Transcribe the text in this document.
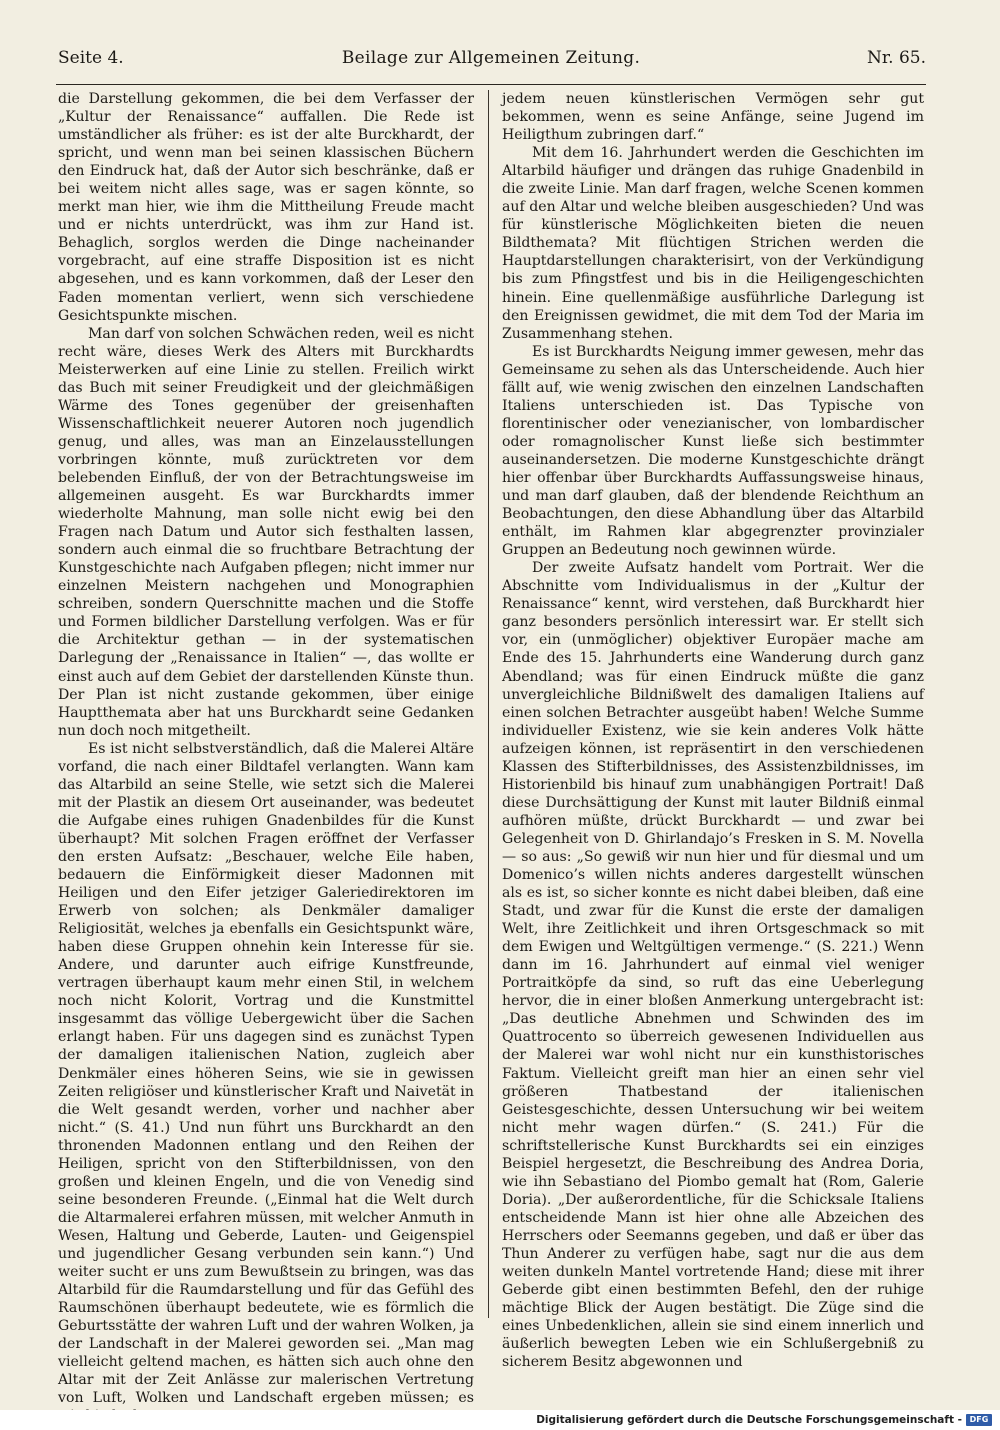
Seite 4.	Beilage zur Allgemeinen Zeitung.	Nr. 65.

die Darstellung gekommen, die bei dem Verfasser der „Kultur der Renaissance“ auffallen. Die Rede ist umständlicher als früher: es ist der alte Burckhardt, der spricht, und wenn man bei seinen klassischen Büchern den Eindruck hat, daß der Autor sich beschränke, daß er bei weitem nicht alles sage, was er sagen könnte, so merkt man hier, wie ihm die Mittheilung Freude macht und er nichts unterdrückt, was ihm zur Hand ist. Behaglich, sorglos werden die Dinge nacheinander vorgebracht, auf eine straffe Disposition ist es nicht abgesehen, und es kann vorkommen, daß der Leser den Faden momentan verliert, wenn sich verschiedene Gesichtspunkte mischen.

Man darf von solchen Schwächen reden, weil es nicht recht wäre, dieses Werk des Alters mit Burckhardts Meisterwerken auf eine Linie zu stellen. Freilich wirkt das Buch mit seiner Freudigkeit und der gleichmäßigen Wärme des Tones gegenüber der greisenhaften Wissenschaftlichkeit neuerer Autoren noch jugendlich genug, und alles, was man an Einzelausstellungen vorbringen könnte, muß zurücktreten vor dem belebenden Einfluß, der von der Betrachtungsweise im allgemeinen ausgeht. Es war Burckhardts immer wiederholte Mahnung, man solle nicht ewig bei den Fragen nach Datum und Autor sich festhalten lassen, sondern auch einmal die so fruchtbare Betrachtung der Kunstgeschichte nach Aufgaben pflegen; nicht immer nur einzelnen Meistern nachgehen und Monographien schreiben, sondern Querschnitte machen und die Stoffe und Formen bildlicher Darstellung verfolgen. Was er für die Architektur gethan — in der systematischen Darlegung der „Renaissance in Italien“ —, das wollte er einst auch auf dem Gebiet der darstellenden Künste thun. Der Plan ist nicht zustande gekommen, über einige Hauptthemata aber hat uns Burckhardt seine Gedanken nun doch noch mitgetheilt.

Es ist nicht selbstverständlich, daß die Malerei Altäre vorfand, die nach einer Bildtafel verlangten. Wann kam das Altarbild an seine Stelle, wie setzt sich die Malerei mit der Plastik an diesem Ort auseinander, was bedeutet die Aufgabe eines ruhigen Gnadenbildes für die Kunst überhaupt? Mit solchen Fragen eröffnet der Verfasser den ersten Aufsatz: „Beschauer, welche Eile haben, bedauern die Einförmigkeit dieser Madonnen mit Heiligen und den Eifer jetziger Galeriedirektoren im Erwerb von solchen; als Denkmäler damaliger Religiosität, welches ja ebenfalls ein Gesichtspunkt wäre, haben diese Gruppen ohnehin kein Interesse für sie. Andere, und darunter auch eifrige Kunstfreunde, vertragen überhaupt kaum mehr einen Stil, in welchem noch nicht Kolorit, Vortrag und die Kunstmittel insgesammt das völlige Uebergewicht über die Sachen erlangt haben. Für uns dagegen sind es zunächst Typen der damaligen italienischen Nation, zugleich aber Denkmäler eines höheren Seins, wie sie in gewissen Zeiten religiöser und künstlerischer Kraft und Naivetät in die Welt gesandt werden, vorher und nachher aber nicht.“ (S. 41.) Und nun führt uns Burckhardt an den thronenden Madonnen entlang und den Reihen der Heiligen, spricht von den Stifterbildnissen, von den großen und kleinen Engeln, und die von Venedig sind seine besonderen Freunde. („Einmal hat die Welt durch die Altarmalerei erfahren müssen, mit welcher Anmuth in Wesen, Haltung und Geberde, Lauten- und Geigenspiel und jugendlicher Gesang verbunden sein kann.“) Und weiter sucht er uns zum Bewußtsein zu bringen, was das Altarbild für die Raumdarstellung und für das Gefühl des Raumschönen überhaupt bedeutete, wie es förmlich die Geburtsstätte der wahren Luft und der wahren Wolken, ja der Landschaft in der Malerei geworden sei. „Man mag vielleicht geltend machen, es hätten sich auch ohne den Altar mit der Zeit Anlässe zur malerischen Vertretung von Luft, Wolken und Landschaft ergeben müssen; es

jedem neuen künstlerischen Vermögen sehr gut bekommen, wenn es seine Anfänge, seine Jugend im Heiligthum zubringen darf.“

Mit dem 16. Jahrhundert werden die Geschichten im Altarbild häufiger und drängen das ruhige Gnadenbild in die zweite Linie. Man darf fragen, welche Scenen kommen auf den Altar und welche bleiben ausgeschieden? Und was für künstlerische Möglichkeiten bieten die neuen Bildthemata? Mit flüchtigen Strichen werden die Hauptdarstellungen charakterisirt, von der Verkündigung bis zum Pfingstfest und bis in die Heiligengeschichten hinein. Eine quellenmäßige ausführliche Darlegung ist den Ereignissen gewidmet, die mit dem Tod der Maria im Zusammenhang stehen.

Es ist Burckhardts Neigung immer gewesen, mehr das Gemeinsame zu sehen als das Unterscheidende. Auch hier fällt auf, wie wenig zwischen den einzelnen Landschaften Italiens unterschieden ist. Das Typische von florentinischer oder venezianischer, von lombardischer oder romagnolischer Kunst ließe sich bestimmter auseinandersetzen. Die moderne Kunstgeschichte drängt hier offenbar über Burckhardts Auffassungsweise hinaus, und man darf glauben, daß der blendende Reichthum an Beobachtungen, den diese Abhandlung über das Altarbild enthält, im Rahmen klar abgegrenzter provinzialer Gruppen an Bedeutung noch gewinnen würde.

Der zweite Aufsatz handelt vom Portrait. Wer die Abschnitte vom Individualismus in der „Kultur der Renaissance“ kennt, wird verstehen, daß Burckhardt hier ganz besonders persönlich interessirt war. Er stellt sich vor, ein (unmöglicher) objektiver Europäer mache am Ende des 15. Jahrhunderts eine Wanderung durch ganz Abendland; was für einen Eindruck müßte die ganz unvergleichliche Bildnißwelt des damaligen Italiens auf einen solchen Betrachter ausgeübt haben! Welche Summe individueller Existenz, wie sie kein anderes Volk hätte aufzeigen können, ist repräsentirt in den verschiedenen Klassen des Stifterbildnisses, des Assistenzbildnisses, im Historienbild bis hinauf zum unabhängigen Portrait! Daß diese Durchsättigung der Kunst mit lauter Bildniß einmal aufhören müßte, drückt Burckhardt — und zwar bei Gelegenheit von D. Ghirlandajo’s Fresken in S. M. Novella — so aus: „So gewiß wir nun hier und für diesmal und um Domenico’s willen nichts anderes dargestellt wünschen als es ist, so sicher konnte es nicht dabei bleiben, daß eine Stadt, und zwar für die Kunst die erste der damaligen Welt, ihre Zeitlichkeit und ihren Ortsgeschmack so mit dem Ewigen und Weltgültigen vermenge.“ (S. 221.) Wenn dann im 16. Jahrhundert auf einmal viel weniger Portraitköpfe da sind, so ruft das eine Ueberlegung hervor, die in einer bloßen Anmerkung untergebracht ist: „Das deutliche Abnehmen und Schwinden des im Quattrocento so überreich gewesenen Individuellen aus der Malerei war wohl nicht nur ein kunsthistorisches Faktum. Vielleicht greift man hier an einen sehr viel größeren Thatbestand der italienischen Geistesgeschichte, dessen Untersuchung wir bei weitem nicht mehr wagen dürfen.“ (S. 241.) Für die schriftstellerische Kunst Burckhardts sei ein einziges Beispiel hergesetzt, die Beschreibung des Andrea Doria, wie ihn Sebastiano del Piombo gemalt hat (Rom, Galerie Doria). „Der außerordentliche, für die Schicksale Italiens entscheidende Mann ist hier ohne alle Abzeichen des Herrschers oder Seemanns gegeben, und daß er über das Thun Anderer zu verfügen habe, sagt nur die aus dem weiten dunkeln Mantel vortretende Hand; diese mit ihrer Geberde gibt einen bestimmten Befehl, den der ruhige mächtige Blick der Augen bestätigt. Die Züge sind die eines Unbedenklichen, allein sie sind einem innerlich und äußerlich bewegten Leben wie ein Schlußergebniß zu sicherem Besitz abgewonnen und

Digitalisierung gefördert durch die Deutsche Forschungsgemeinschaft - DFG
